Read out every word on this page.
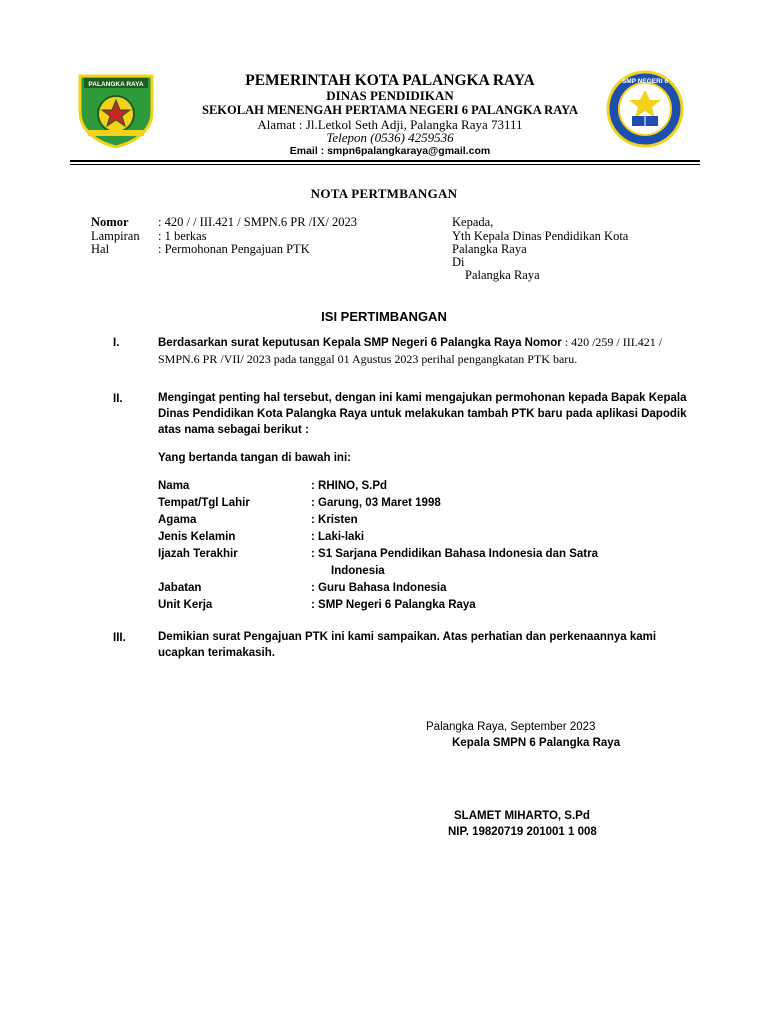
PALANGKA RAYA	SMP NEGERI 6
PEMERINTAH KOTA PALANGKA RAYA
DINAS PENDIDIKAN
SEKOLAH MENENGAH PERTAMA NEGERI 6 PALANGKA RAYA
Alamat : Jl.Letkol Seth Adji, Palangka Raya 73111
Telepon (0536) 4259536
Email : smpn6palangkaraya@gmail.com
NOTA PERTMBANGAN
Nomor : 420 / / III.421 / SMPN.6 PR /IX/ 2023
Lampiran : 1 berkas
Hal	: Permohonan Pengajuan PTK
Kepada,
Yth Kepala Dinas Pendidikan Kota
Palangka Raya
Di
Palangka Raya
ISI PERTIMBANGAN
I.	Berdasarkan surat keputusan Kepala SMP Negeri 6 Palangka Raya Nomor : 420 /259 / III.421 / SMPN.6 PR /VII/ 2023 pada tanggal 01 Agustus 2023 perihal pengangkatan PTK baru.
II.	Mengingat penting hal tersebut, dengan ini kami mengajukan permohonan kepada Bapak Kepala Dinas Pendidikan Kota Palangka Raya untuk melakukan tambah PTK baru pada aplikasi Dapodik atas nama sebagai berikut :
Yang bertanda tangan di bawah ini:
Nama	: RHINO, S.Pd
Tempat/Tgl Lahir	: Garung, 03 Maret 1998
Agama	: Kristen
Jenis Kelamin	: Laki-laki
Ijazah Terakhir	: S1 Sarjana Pendidikan Bahasa Indonesia dan Satra
Indonesia
Jabatan	: Guru Bahasa Indonesia
Unit Kerja	: SMP Negeri 6 Palangka Raya
III.	Demikian surat Pengajuan PTK ini kami sampaikan. Atas perhatian dan perkenaannya kami ucapkan terimakasih.
Palangka Raya, September 2023
Kepala SMPN 6 Palangka Raya
SLAMET MIHARTO, S.Pd
NIP. 19820719 201001 1 008
